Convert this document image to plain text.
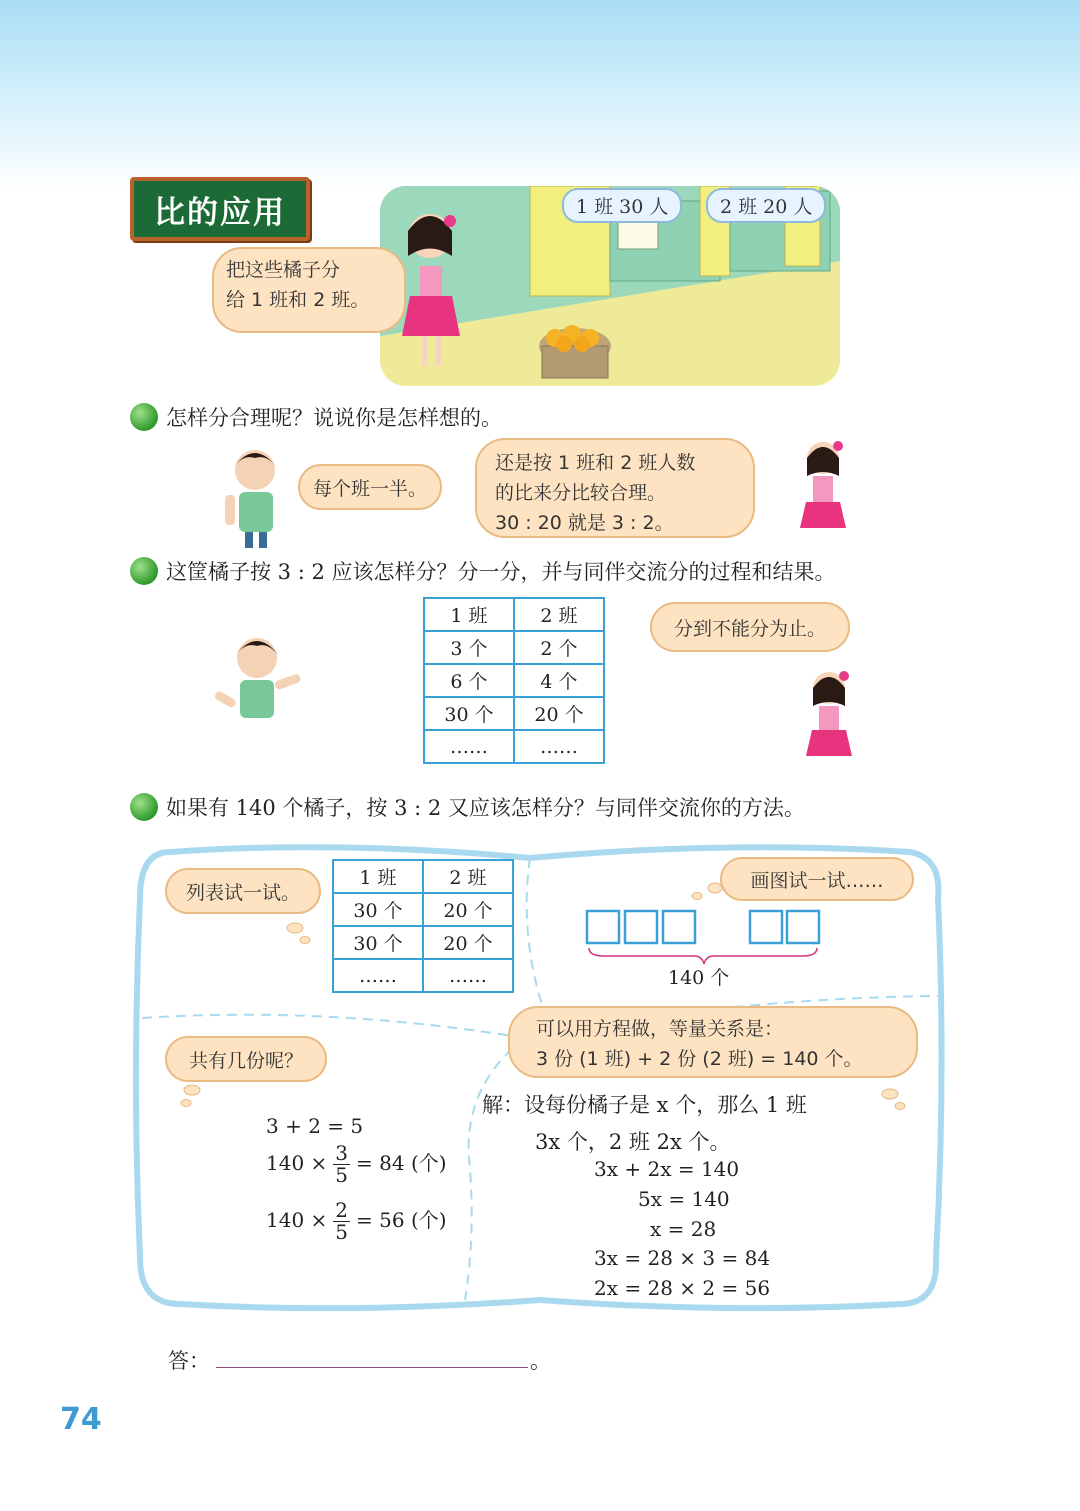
比的应用	1 班 30 人	2 班 20 人
把这些橘子分
给 1 班和 2 班。
怎样分合理呢？说说你是怎样想的。
每个班一半。
还是按 1 班和 2 班人数
的比来分比较合理。
30 : 20 就是 3 : 2。
这筐橘子按 3 : 2 应该怎样分？分一分，并与同伴交流分的过程和结果。
1 班	2 班
3 个	2 个
6 个	4 个
30 个	20 个
……	……
分到不能分为止。
如果有 140 个橘子，按 3 : 2 又应该怎样分？与同伴交流你的方法。
列表试一试。
1 班	2 班
30 个	20 个
30 个	20 个
……	……
画图试一试……
140 个
共有几份呢？
3 + 2 = 5
$140 \times \frac{3}{5} = 84$ (个)
$140 \times \frac{2}{5} = 56$ (个)
可以用方程做，等量关系是：
3 份 (1 班) + 2 份 (2 班) = 140 个。
解：设每份橘子是 x 个，那么 1 班
3x 个，2 班 2x 个。
3x + 2x = 140
5x = 140
x = 28
3x = 28 × 3 = 84
2x = 28 × 2 = 56
答：	。
74
